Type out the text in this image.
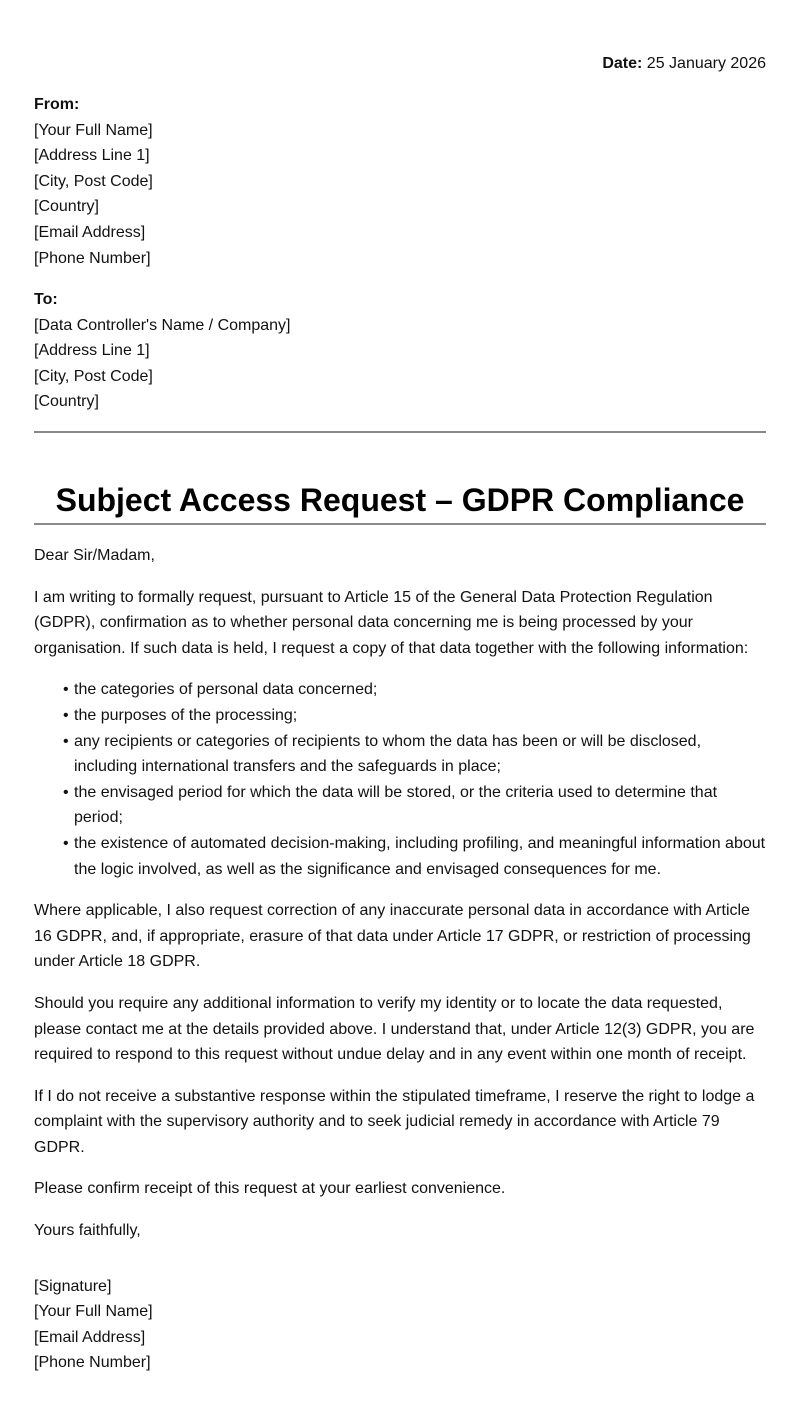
Date: 25 January 2026
From:
[Your Full Name]
[Address Line 1]
[City, Post Code]
[Country]
[Email Address]
[Phone Number]
To:
[Data Controller's Name / Company]
[Address Line 1]
[City, Post Code]
[Country]
Subject Access Request – GDPR Compliance

Dear Sir/Madam,

I am writing to formally request, pursuant to Article 15 of the General Data Protection Regulation (GDPR), confirmation as to whether personal data concerning me is being processed by your organisation. If such data is held, I request a copy of that data together with the following information:

• the categories of personal data concerned;
• the purposes of the processing;
• any recipients or categories of recipients to whom the data has been or will be disclosed, including international transfers and the safeguards in place;
• the envisaged period for which the data will be stored, or the criteria used to determine that period;
• the existence of automated decision-making, including profiling, and meaningful information about the logic involved, as well as the significance and envisaged consequences for me.

Where applicable, I also request correction of any inaccurate personal data in accordance with Article 16 GDPR, and, if appropriate, erasure of that data under Article 17 GDPR, or restriction of processing under Article 18 GDPR.

Should you require any additional information to verify my identity or to locate the data requested, please contact me at the details provided above. I understand that, under Article 12(3) GDPR, you are required to respond to this request without undue delay and in any event within one month of receipt.

If I do not receive a substantive response within the stipulated timeframe, I reserve the right to lodge a complaint with the supervisory authority and to seek judicial remedy in accordance with Article 79 GDPR.

Please confirm receipt of this request at your earliest convenience.

Yours faithfully,

[Signature]
[Your Full Name]
[Email Address]
[Phone Number]
